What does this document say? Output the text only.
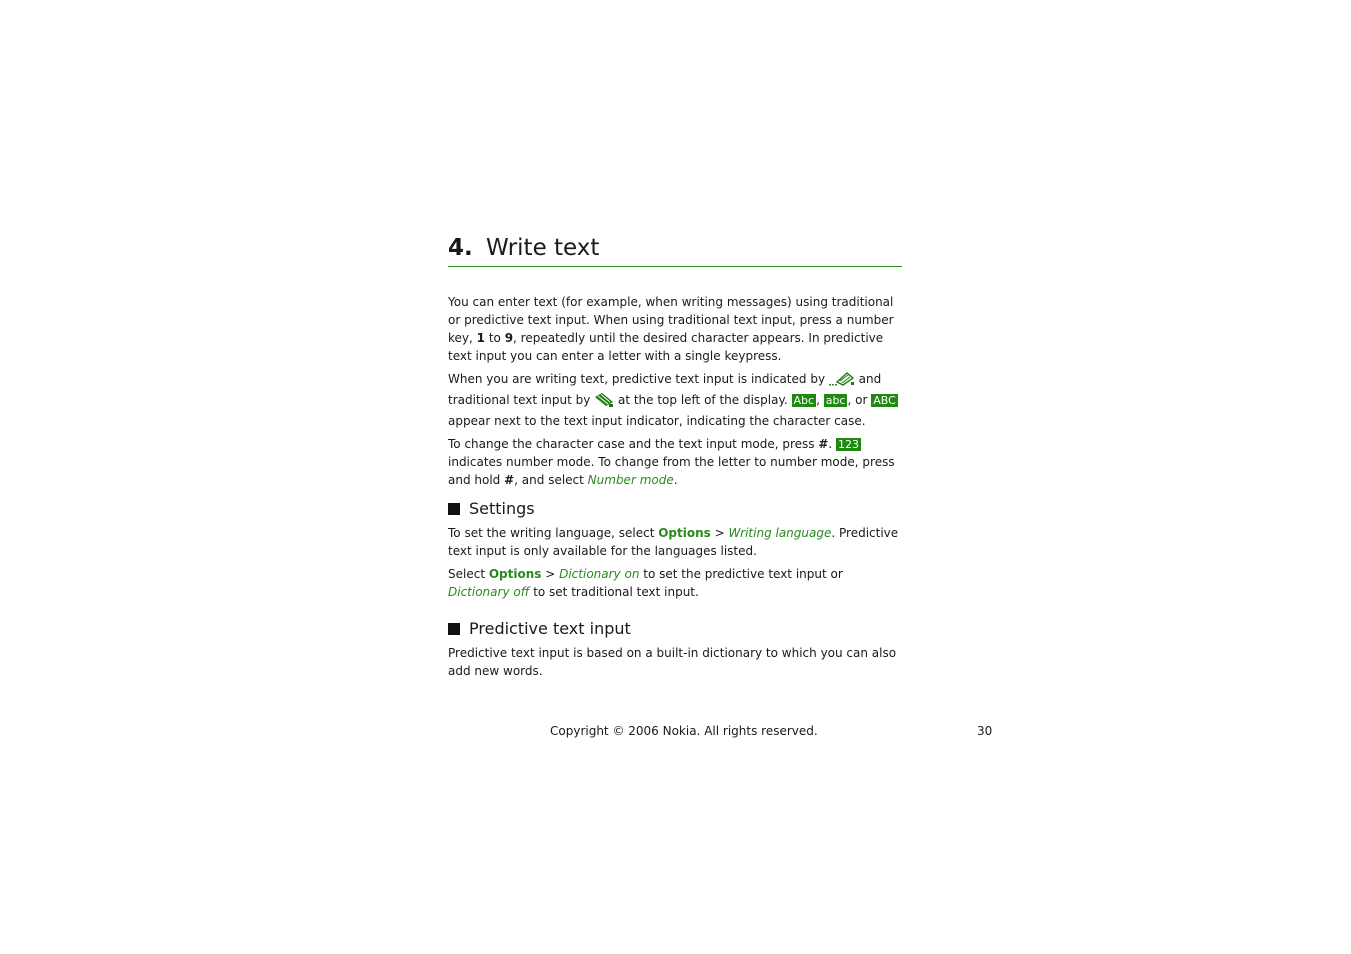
4. Write text

You can enter text (for example, when writing messages) using traditional or predictive text input. When using traditional text input, press a number key, 1 to 9, repeatedly until the desired character appears. In predictive text input you can enter a letter with a single keypress.

When you are writing text, predictive text input is indicated by  and traditional text input by  at the top left of the display. Abc , abc , or ABC appear next to the text input indicator, indicating the character case.

To change the character case and the text input mode, press #. 123 indicates number mode. To change from the letter to number mode, press and hold #, and select Number mode.

Settings

To set the writing language, select Options > Writing language. Predictive text input is only available for the languages listed.

Select Options > Dictionary on to set the predictive text input or Dictionary off to set traditional text input.

Predictive text input

Predictive text input is based on a built-in dictionary to which you can also add new words.

Copyright © 2006 Nokia. All rights reserved.	30
